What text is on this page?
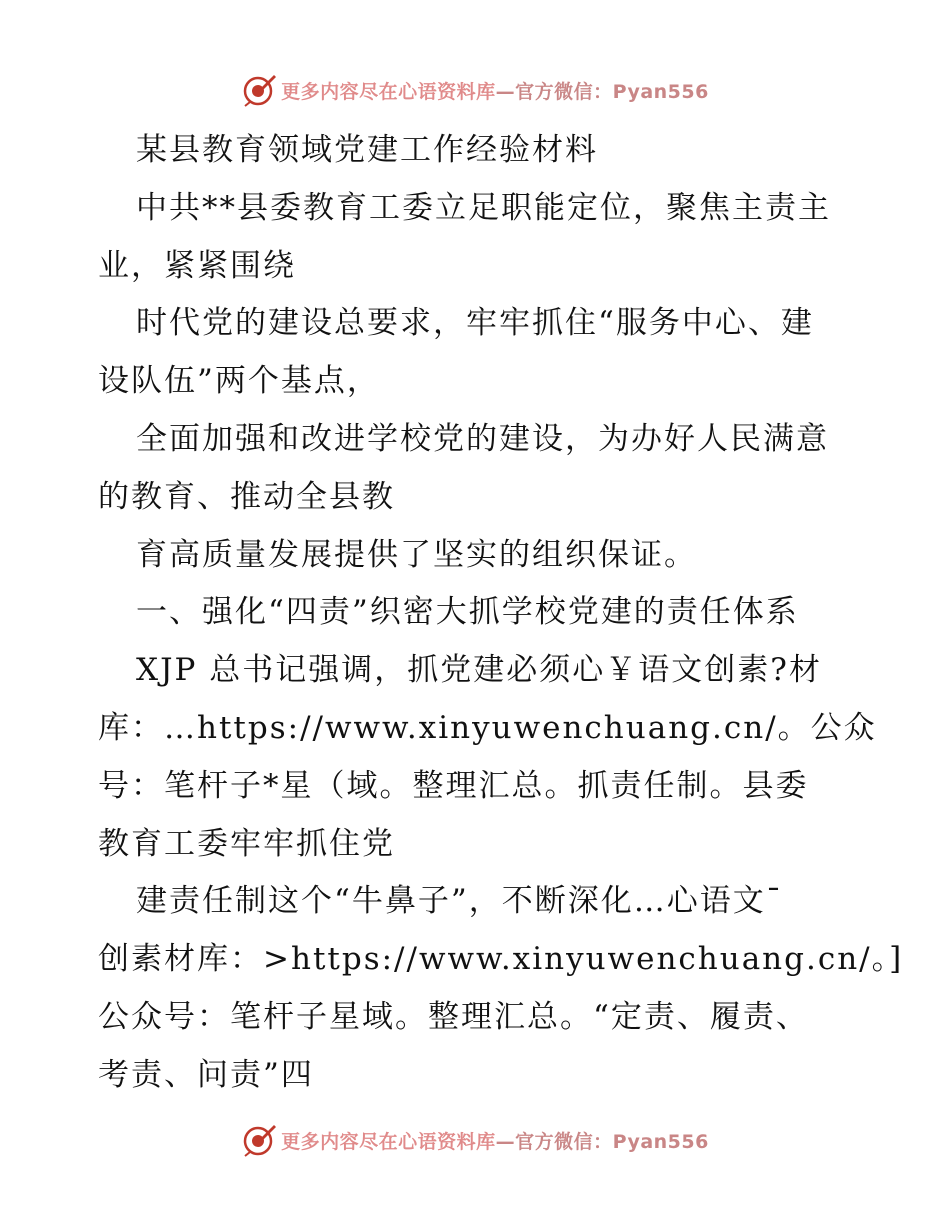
更多内容尽在心语资料库—官方微信：Pyan556
某县教育领域党建工作经验材料
中共**县委教育工委立足职能定位，聚焦主责主
业，紧紧围绕
时代党的建设总要求，牢牢抓住“服务中心、建
设队伍”两个基点，
全面加强和改进学校党的建设，为办好人民满意
的教育、推动全县教
育高质量发展提供了坚实的组织保证。
一、强化“四责”织密大抓学校党建的责任体系
XJP 总书记强调，抓党建必须心￥语文创素?材
库：…https://www.xinyuwenchuang.cn/。公众
号：笔杆子*星（域。整理汇总。抓责任制。县委
教育工委牢牢抓住党
建责任制这个“牛鼻子”，不断深化…心语文¯
创素材库：>https://www.xinyuwenchuang.cn/。]
公众号：笔杆子星域。整理汇总。“定责、履责、
考责、问责”四
更多内容尽在心语资料库—官方微信：Pyan556
